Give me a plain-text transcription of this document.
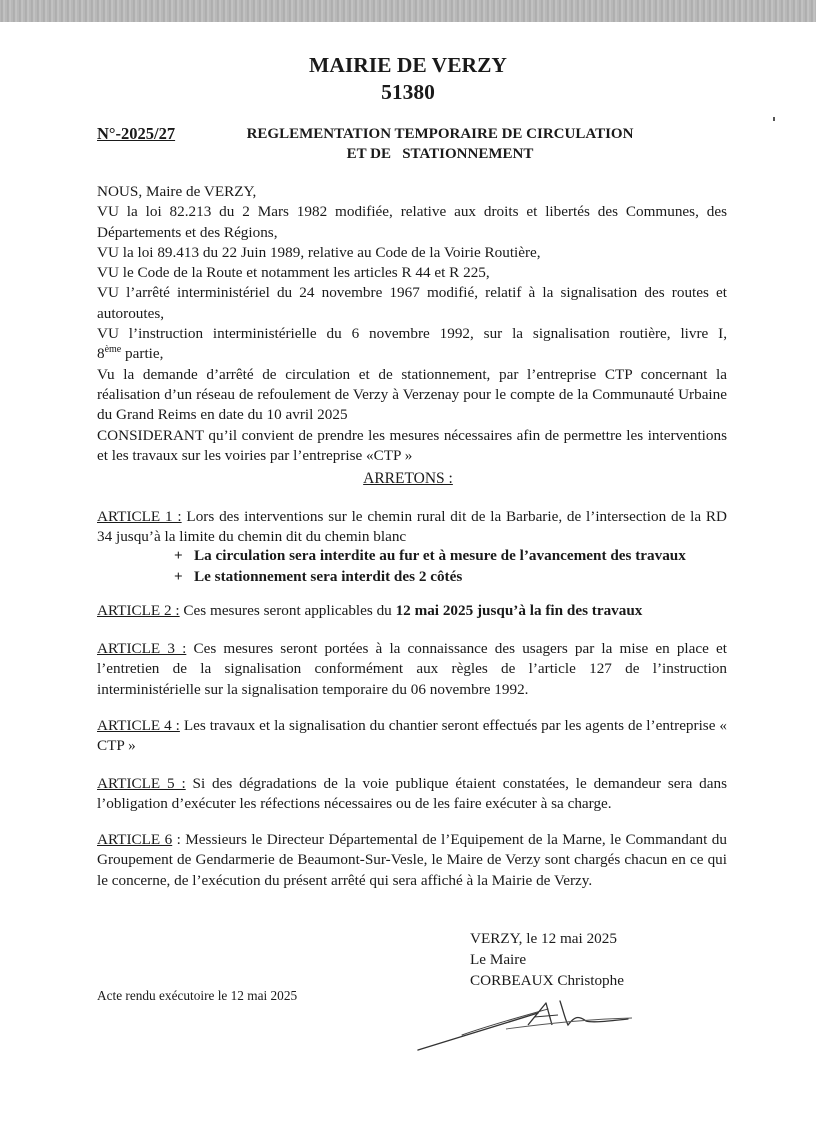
MAIRIE DE VERZY
51380
N°-2025/27	REGLEMENTATION TEMPORAIRE DE CIRCULATION
ET DE   STATIONNEMENT

NOUS, Maire de VERZY,

VU la loi 82.213 du 2 Mars 1982 modifiée, relative aux droits et libertés des Communes, des Départements et des Régions,

VU la loi 89.413 du 22 Juin 1989, relative au Code de la Voirie Routière,

VU le Code de la Route et notamment les articles R 44 et R 225,

VU l’arrêté interministériel du 24 novembre 1967 modifié, relatif à la signalisation des routes et autoroutes,

VU l’instruction interministérielle du 6 novembre 1992, sur la signalisation routière, livre I,

8ème partie,

Vu la demande d’arrêté de circulation et de stationnement, par l’entreprise CTP concernant la réalisation d’un réseau de refoulement de Verzy à Verzenay pour le compte de la Communauté Urbaine du Grand Reims en date du 10 avril 2025

CONSIDERANT qu’il convient de prendre les mesures nécessaires afin de permettre les interventions et les travaux sur les voiries par l’entreprise «CTP »

ARRETONS :
ARTICLE 1 : Lors des interventions sur le chemin rural dit de la Barbarie, de l’intersection de la RD 34 jusqu’à la limite du chemin dit du chemin blanc
+ La circulation sera interdite au fur et à mesure de l’avancement des travaux
+ Le stationnement sera interdit des 2 côtés
ARTICLE 2 : Ces mesures seront applicables du 12 mai 2025 jusqu’à la fin des travaux
ARTICLE 3 : Ces mesures seront portées à la connaissance des usagers par la mise en place et l’entretien de la signalisation conformément aux règles de l’article 127 de l’instruction interministérielle sur la signalisation temporaire du 06 novembre 1992.
ARTICLE 4 : Les travaux et la signalisation du chantier seront effectués par les agents de l’entreprise « CTP »
ARTICLE 5 : Si des dégradations de la voie publique étaient constatées, le demandeur sera dans l’obligation d’exécuter les réfections nécessaires ou de les faire exécuter à sa charge.
ARTICLE 6 : Messieurs le Directeur Départemental de l’Equipement de la Marne, le Commandant du Groupement de Gendarmerie de Beaumont-Sur-Vesle, le Maire de Verzy sont chargés chacun en ce qui le concerne, de l’exécution du présent arrêté qui sera affiché à la Mairie de Verzy.
VERZY, le 12 mai 2025
Le Maire
CORBEAUX Christophe
Acte rendu exécutoire le 12 mai 2025
